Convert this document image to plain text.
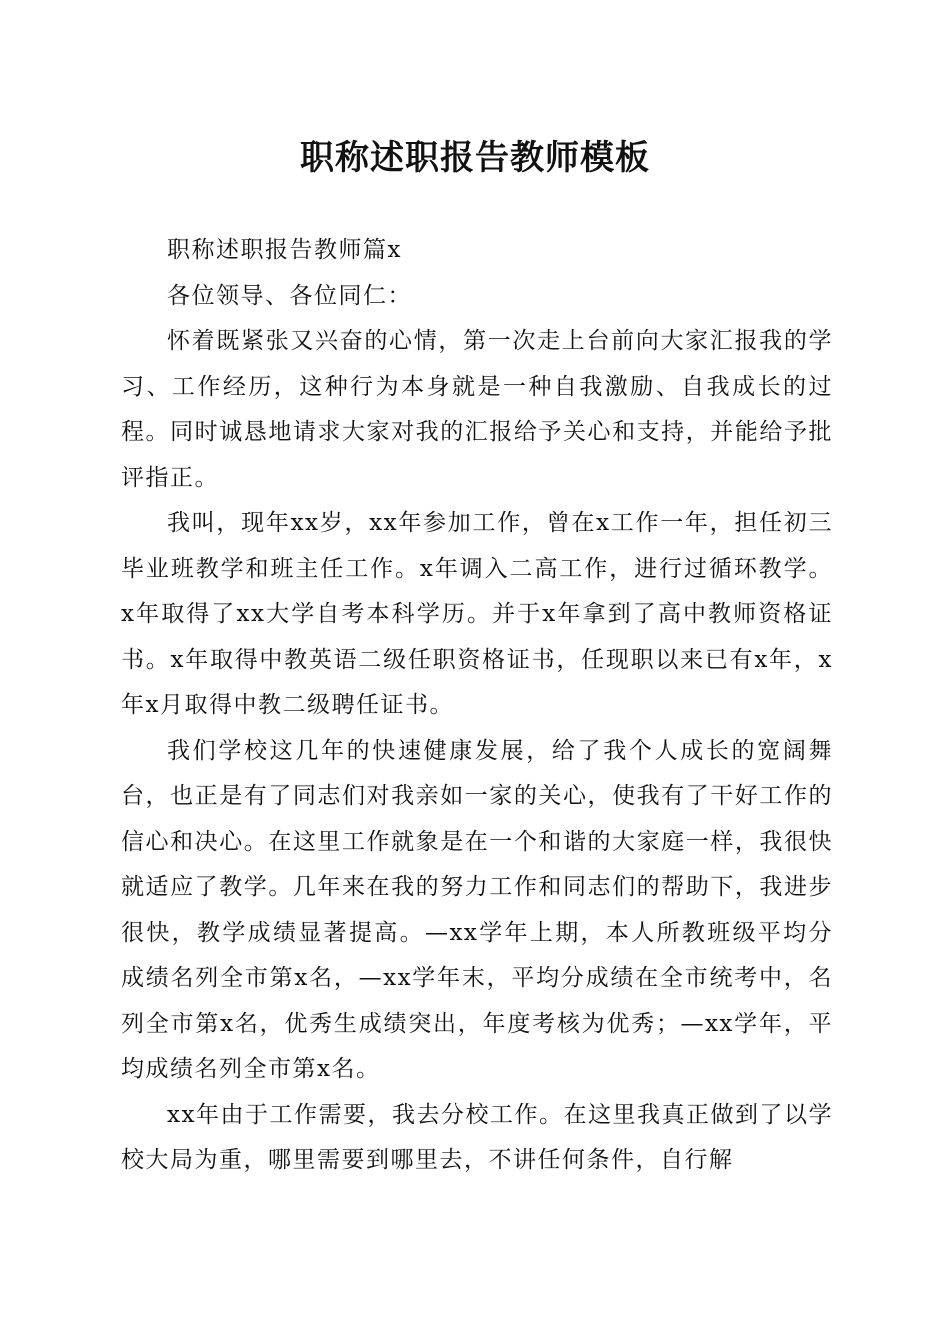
职称述职报告教师模板

职称述职报告教师篇x

各位领导、各位同仁：

怀着既紧张又兴奋的心情，第一次走上台前向大家汇报我的学习、工作经历，这种行为本身就是一种自我激励、自我成长的过程。同时诚恳地请求大家对我的汇报给予关心和支持，并能给予批评指正。

我叫，现年xx岁，xx年参加工作，曾在x工作一年，担任初三毕业班教学和班主任工作。x年调入二高工作，进行过循环教学。x年取得了xx大学自考本科学历。并于x年拿到了高中教师资格证书。x年取得中教英语二级任职资格证书，任现职以来已有x年，x年x月取得中教二级聘任证书。

我们学校这几年的快速健康发展，给了我个人成长的宽阔舞台，也正是有了同志们对我亲如一家的关心，使我有了干好工作的信心和决心。在这里工作就象是在一个和谐的大家庭一样，我很快就适应了教学。几年来在我的努力工作和同志们的帮助下，我进步很快，教学成绩显著提高。—xx学年上期，本人所教班级平均分成绩名列全市第x名，—xx学年末，平均分成绩在全市统考中，名列全市第x名，优秀生成绩突出，年度考核为优秀；—xx学年，平均成绩名列全市第x名。

xx年由于工作需要，我去分校工作。在这里我真正做到了以学校大局为重，哪里需要到哪里去，不讲任何条件，自行解
